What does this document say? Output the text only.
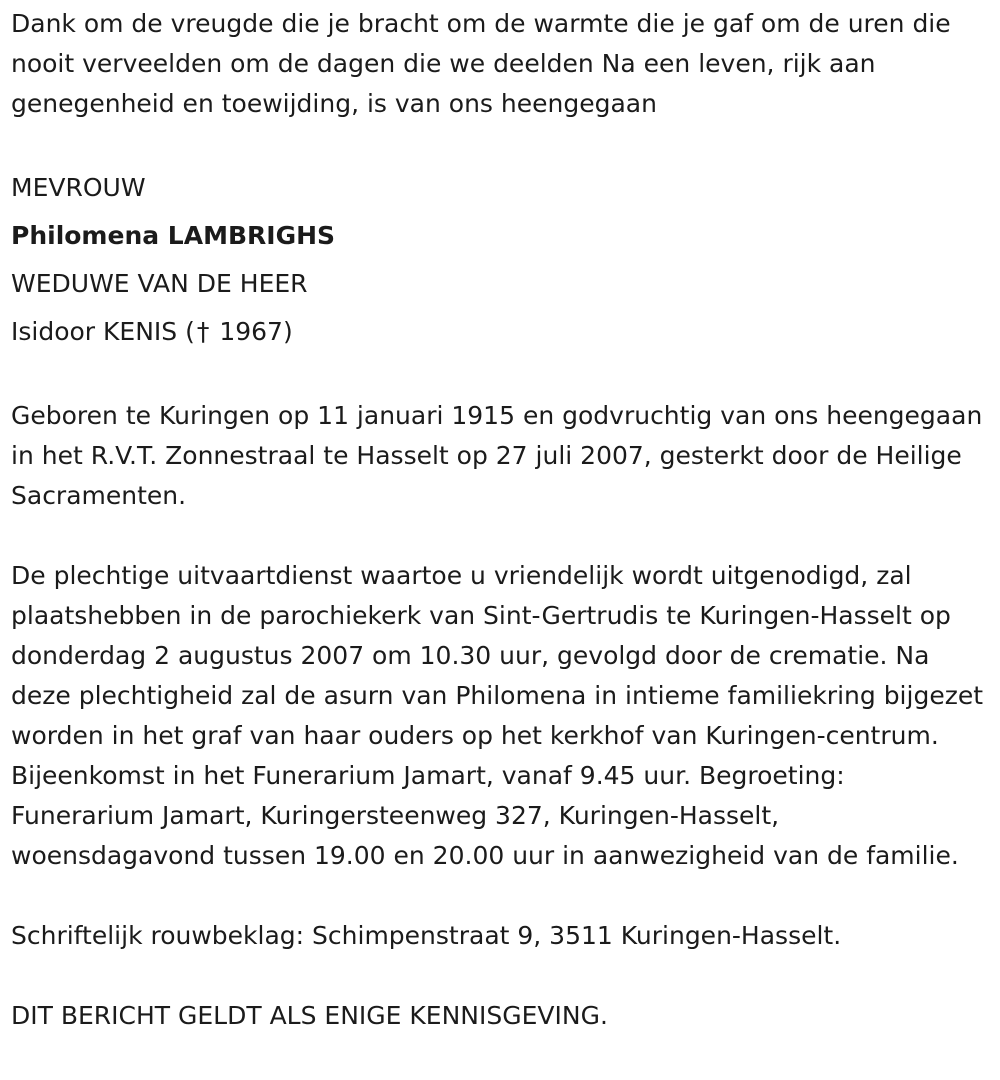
Dank om de vreugde die je bracht om de warmte die je gaf om de uren die nooit verveelden om de dagen die we deelden Na een leven, rijk aan genegenheid en toewijding, is van ons heengegaan

MEVROUW
Philomena LAMBRIGHS
WEDUWE VAN DE HEER
Isidoor KENIS († 1967)

Geboren te Kuringen op 11 januari 1915 en godvruchtig van ons heengegaan in het R.V.T. Zonnestraal te Hasselt op 27 juli 2007, gesterkt door de Heilige Sacramenten.

De plechtige uitvaartdienst waartoe u vriendelijk wordt uitgenodigd, zal plaatshebben in de parochiekerk van Sint-Gertrudis te Kuringen-Hasselt op donderdag 2 augustus 2007 om 10.30 uur, gevolgd door de crematie. Na deze plechtigheid zal de asurn van Philomena in intieme familiekring bijgezet worden in het graf van haar ouders op het kerkhof van Kuringen-centrum. Bijeenkomst in het Funerarium Jamart, vanaf 9.45 uur. Begroeting: Funerarium Jamart, Kuringersteenweg 327, Kuringen-Hasselt, woensdagavond tussen 19.00 en 20.00 uur in aanwezigheid van de familie.

Schriftelijk rouwbeklag: Schimpenstraat 9, 3511 Kuringen-Hasselt.

DIT BERICHT GELDT ALS ENIGE KENNISGEVING.
